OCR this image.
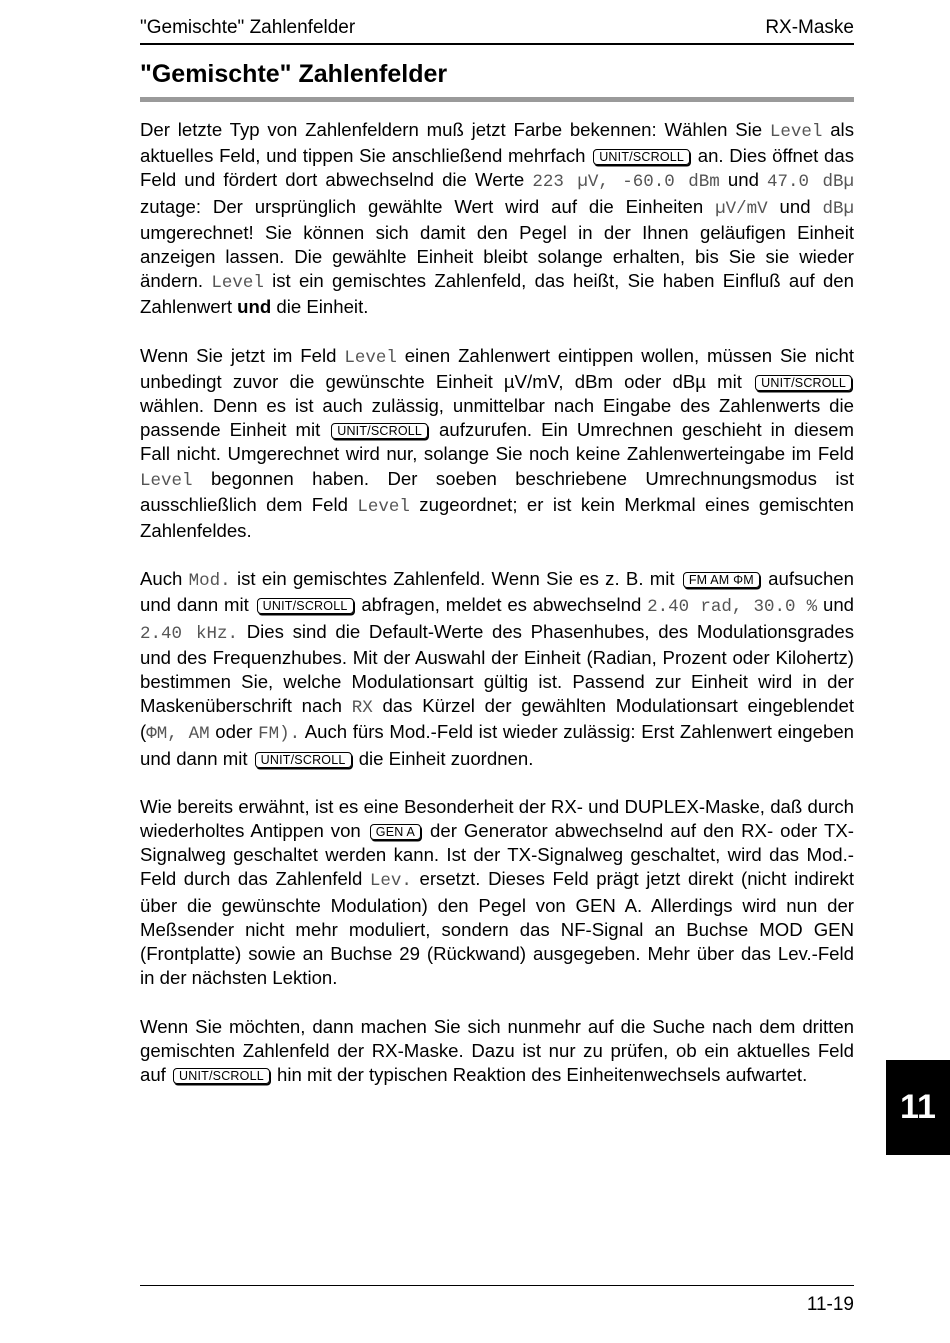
"Gemischte" Zahlenfelder	RX-Maske
"Gemischte" Zahlenfelder

Der letzte Typ von Zahlenfeldern muß jetzt Farbe bekennen: Wählen Sie Level als aktuelles Feld, und tippen Sie anschließend mehrfach UNIT/SCROLL an. Dies öffnet das Feld und fördert dort abwechselnd die Werte 223 µV, -60.0 dBm und 47.0 dBµ zutage: Der ursprünglich gewählte Wert wird auf die Einheiten µV/mV und dBµ umgerechnet! Sie können sich damit den Pegel in der Ihnen geläufigen Einheit anzeigen lassen. Die gewählte Einheit bleibt solange erhalten, bis Sie sie wieder ändern. Level ist ein gemischtes Zahlenfeld, das heißt, Sie haben Einfluß auf den Zahlenwert und die Einheit.

Wenn Sie jetzt im Feld Level einen Zahlenwert eintippen wollen, müssen Sie nicht unbedingt zuvor die gewünschte Einheit µV/mV, dBm oder dBµ mit UNIT/SCROLL wählen. Denn es ist auch zulässig, unmittelbar nach Eingabe des Zahlenwerts die passende Einheit mit UNIT/SCROLL aufzurufen. Ein Umrechnen geschieht in diesem Fall nicht. Umgerechnet wird nur, solange Sie noch keine Zahlenwerteingabe im Feld Level begonnen haben. Der soeben beschriebene Umrechnungsmodus ist ausschließlich dem Feld Level zugeordnet; er ist kein Merkmal eines gemischten Zahlenfeldes.

Auch Mod. ist ein gemischtes Zahlenfeld. Wenn Sie es z. B. mit FM AM ΦM aufsuchen und dann mit UNIT/SCROLL abfragen, meldet es abwechselnd 2.40 rad, 30.0 % und 2.40 kHz. Dies sind die Default-Werte des Phasenhubes, des Modulationsgrades und des Frequenzhubes. Mit der Auswahl der Einheit (Radian, Prozent oder Kilohertz) bestimmen Sie, welche Modulationsart gültig ist. Passend zur Einheit wird in der Maskenüberschrift nach RX das Kürzel der gewählten Modulationsart eingeblendet (ΦM, AM oder FM). Auch fürs Mod.-Feld ist wieder zulässig: Erst Zahlenwert eingeben und dann mit UNIT/SCROLL die Einheit zuordnen.

Wie bereits erwähnt, ist es eine Besonderheit der RX- und DUPLEX-Maske, daß durch wiederholtes Antippen von GEN A der Generator abwechselnd auf den RX- oder TX-Signalweg geschaltet werden kann. Ist der TX-Signalweg geschaltet, wird das Mod.-Feld durch das Zahlenfeld Lev. ersetzt. Dieses Feld prägt jetzt direkt (nicht indirekt über die gewünschte Modulation) den Pegel von GEN A. Allerdings wird nun der Meßsender nicht mehr moduliert, sondern das NF-Signal an Buchse MOD GEN (Frontplatte) sowie an Buchse 29 (Rückwand) ausgegeben. Mehr über das Lev.-Feld in der nächsten Lektion.

Wenn Sie möchten, dann machen Sie sich nunmehr auf die Suche nach dem dritten gemischten Zahlenfeld der RX-Maske. Dazu ist nur zu prüfen, ob ein aktuelles Feld auf UNIT/SCROLL hin mit der typischen Reaktion des Einheitenwechsels aufwartet.

11
11-19
